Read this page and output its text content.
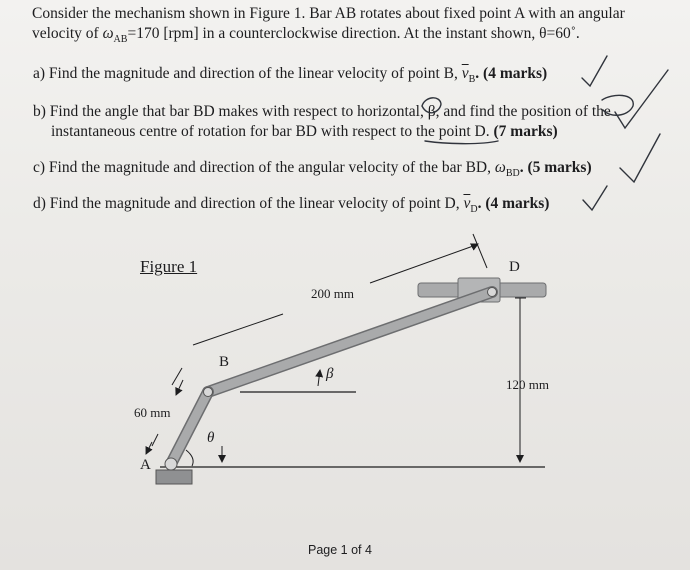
Consider the mechanism shown in Figure 1. Bar AB rotates about fixed point A with an angular
velocity of $\omega_{AB}=170$ [rpm] in a counterclockwise direction. At the instant shown, θ=60˚.
a) Find the magnitude and direction of the linear velocity of point B, $\overline{v}_B$. (4 marks)
b) Find the angle that bar BD makes with respect to horizontal, β, and find the position of the
instantaneous centre of rotation for bar BD with respect to the point D. (7 marks)
c) Find the magnitude and direction of the angular velocity of the bar BD, $\omega_{BD}$. (5 marks)
d) Find the magnitude and direction of the linear velocity of point D, $\overline{v}_D$. (4 marks)
Figure 1	D
B
A
β
θ
200 mm
120 mm
60 mm
Page 1 of 4
